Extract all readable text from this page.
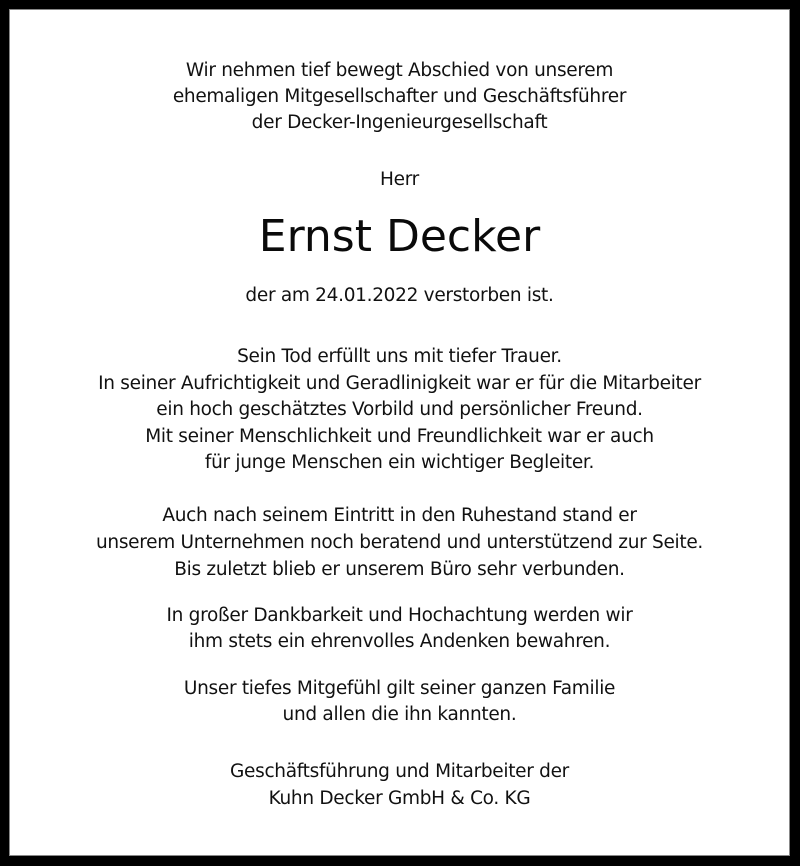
Wir nehmen tief bewegt Abschied von unserem
ehemaligen Mitgesellschafter und Geschäftsführer
der Decker-Ingenieurgesellschaft
Herr
Ernst Decker
der am 24.01.2022 verstorben ist.
Sein Tod erfüllt uns mit tiefer Trauer.
In seiner Aufrichtigkeit und Geradlinigkeit war er für die Mitarbeiter
ein hoch geschätztes Vorbild und persönlicher Freund.
Mit seiner Menschlichkeit und Freundlichkeit war er auch
für junge Menschen ein wichtiger Begleiter.
Auch nach seinem Eintritt in den Ruhestand stand er
unserem Unternehmen noch beratend und unterstützend zur Seite.
Bis zuletzt blieb er unserem Büro sehr verbunden.
In großer Dankbarkeit und Hochachtung werden wir
ihm stets ein ehrenvolles Andenken bewahren.
Unser tiefes Mitgefühl gilt seiner ganzen Familie
und allen die ihn kannten.
Geschäftsführung und Mitarbeiter der
Kuhn Decker GmbH & Co. KG
